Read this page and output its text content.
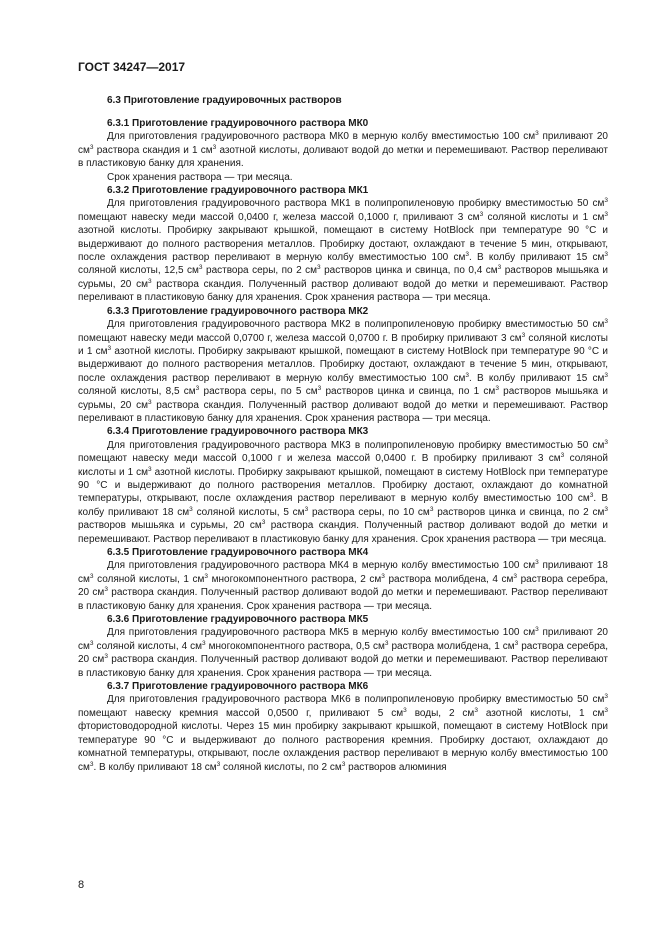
ГОСТ 34247—2017
6.3 Приготовление градуировочных растворов
6.3.1 Приготовление градуировочного раствора МК0

Для приготовления градуировочного раствора МК0 в мерную колбу вместимостью 100 $см^3$ приливают 20 $см^3$ раствора скандия и 1 $см^3$ азотной кислоты, доливают водой до метки и перемешивают. Раствор переливают в пластиковую банку для хранения.

Срок хранения раствора — три месяца.

6.3.2 Приготовление градуировочного раствора МК1

Для приготовления градуировочного раствора МК1 в полипропиленовую пробирку вместимостью 50 $см^3$ помещают навеску меди массой 0,0400 г, железа массой 0,1000 г, приливают 3 $см^3$ соляной кислоты и 1 $см^3$ азотной кислоты. Пробирку закрывают крышкой, помещают в систему HotBlock при температуре 90 °С и выдерживают до полного растворения металлов. Пробирку достают, охлаждают в течение 5 мин, открывают, после охлаждения раствор переливают в мерную колбу вместимостью 100 $см^3$. В колбу приливают 15 $см^3$ соляной кислоты, 12,5 $см^3$ раствора серы, по 2 $см^3$ растворов цинка и свинца, по 0,4 $см^3$ растворов мышьяка и сурьмы, 20 $см^3$ раствора скандия. Полученный раствор доливают водой до метки и перемешивают. Раствор переливают в пластиковую банку для хранения. Срок хранения раствора — три месяца.

6.3.3 Приготовление градуировочного раствора МК2

Для приготовления градуировочного раствора МК2 в полипропиленовую пробирку вместимостью 50 $см^3$ помещают навеску меди массой 0,0700 г, железа массой 0,0700 г. В пробирку приливают 3 $см^3$ соляной кислоты и 1 $см^3$ азотной кислоты. Пробирку закрывают крышкой, помещают в систему HotBlock при температуре 90 °С и выдерживают до полного растворения металлов. Пробирку достают, охлаждают в течение 5 мин, открывают, после охлаждения раствор переливают в мерную колбу вместимостью 100 $см^3$. В колбу приливают 15 $см^3$ соляной кислоты, 8,5 $см^3$ раствора серы, по 5 $см^3$ растворов цинка и свинца, по 1 $см^3$ растворов мышьяка и сурьмы, 20 $см^3$ раствора скандия. Полученный раствор доливают водой до метки и перемешивают. Раствор переливают в пластиковую банку для хранения. Срок хранения раствора — три месяца.

6.3.4 Приготовление градуировочного раствора МК3

Для приготовления градуировочного раствора МК3 в полипропиленовую пробирку вместимостью 50 $см^3$ помещают навеску меди массой 0,1000 г и железа массой 0,0400 г. В пробирку приливают 3 $см^3$ соляной кислоты и 1 $см^3$ азотной кислоты. Пробирку закрывают крышкой, помещают в систему HotBlock при температуре 90 °С и выдерживают до полного растворения металлов. Пробирку достают, охлаждают до комнатной температуры, открывают, после охлаждения раствор переливают в мерную колбу вместимостью 100 $см^3$. В колбу приливают 18 $см^3$ соляной кислоты, 5 $см^3$ раствора серы, по 10 $см^3$ растворов цинка и свинца, по 2 $см^3$ растворов мышьяка и сурьмы, 20 $см^3$ раствора скандия. Полученный раствор доливают водой до метки и перемешивают. Раствор переливают в пластиковую банку для хранения. Срок хранения раствора — три месяца.

6.3.5 Приготовление градуировочного раствора МК4

Для приготовления градуировочного раствора МК4 в мерную колбу вместимостью 100 $см^3$ приливают 18 $см^3$ соляной кислоты, 1 $см^3$ многокомпонентного раствора, 2 $см^3$ раствора молибдена, 4 $см^3$ раствора серебра, 20 $см^3$ раствора скандия. Полученный раствор доливают водой до метки и перемешивают. Раствор переливают в пластиковую банку для хранения. Срок хранения раствора — три месяца.

6.3.6 Приготовление градуировочного раствора МК5

Для приготовления градуировочного раствора МК5 в мерную колбу вместимостью 100 $см^3$ приливают 20 $см^3$ соляной кислоты, 4 $см^3$ многокомпонентного раствора, 0,5 $см^3$ раствора молибдена, 1 $см^3$ раствора серебра, 20 $см^3$ раствора скандия. Полученный раствор доливают водой до метки и перемешивают. Раствор переливают в пластиковую банку для хранения. Срок хранения раствора — три месяца.

6.3.7 Приготовление градуировочного раствора МК6

Для приготовления градуировочного раствора МК6 в полипропиленовую пробирку вместимостью 50 $см^3$ помещают навеску кремния массой 0,0500 г, приливают 5 $см^3$ воды, 2 $см^3$ азотной кислоты, 1 $см^3$ фтористоводородной кислоты. Через 15 мин пробирку закрывают крышкой, помещают в систему HotBlock при температуре 90 °С и выдерживают до полного растворения кремния. Пробирку достают, охлаждают до комнатной температуры, открывают, после охлаждения раствор переливают в мерную колбу вместимостью 100 $см^3$. В колбу приливают 18 $см^3$ соляной кислоты, по 2 $см^3$ растворов алюминия

8
